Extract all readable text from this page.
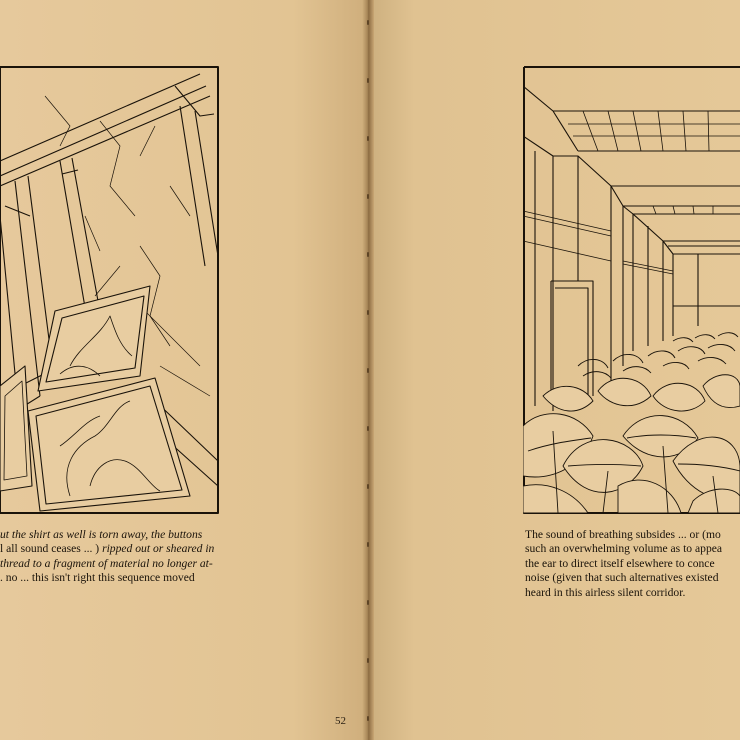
ut the shirt as well is torn away, the buttons
l all sound ceases ... ) ripped out or sheared in
thread to a fragment of material no longer at-
. no ... this isn't right this sequence moved
The sound of breathing subsides ... or (mo
such an overwhelming volume as to appea
the ear to direct itself elsewhere to conce
noise (given that such alternatives existed
heard in this airless silent corridor.
52
